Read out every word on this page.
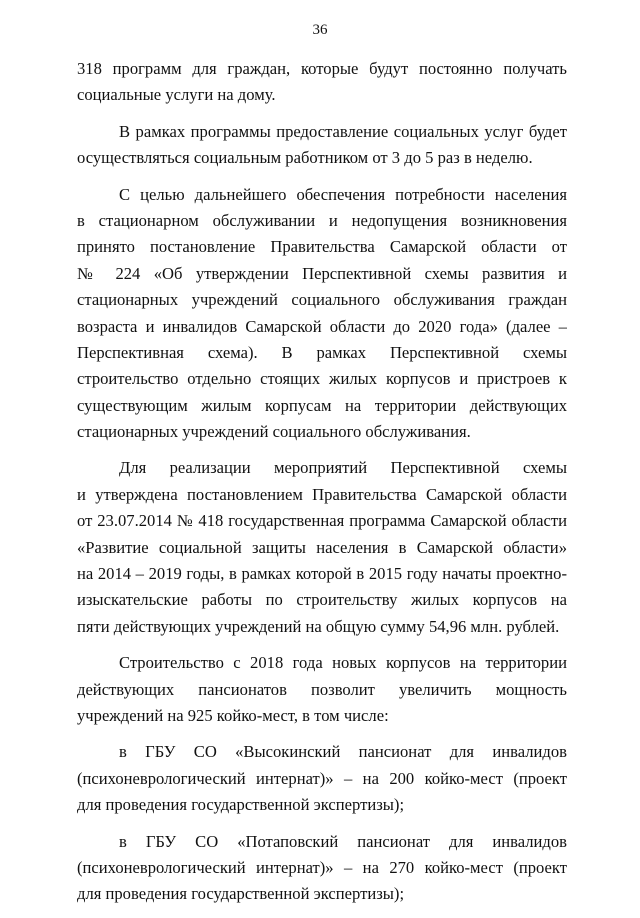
36
318 программ для граждан, которые будут постоянно получать
социальные услуги на дому.
В рамках программы предоставление социальных услуг будет
осуществляться социальным работником от 3 до 5 раз в неделю.
С целью дальнейшего обеспечения потребности населения
в стационарном обслуживании и недопущения возникновения
принято постановление Правительства Самарской области от
№ 224 «Об утверждении Перспективной схемы развития и
стационарных учреждений социального обслуживания граждан
возраста и инвалидов Самарской области до 2020 года» (далее –
Перспективная схема). В рамках Перспективной схемы
строительство отдельно стоящих жилых корпусов и пристроев к
существующим жилым корпусам на территории действующих
стационарных учреждений социального обслуживания.
Для реализации мероприятий Перспективной схемы
и утверждена постановлением Правительства Самарской области
от 23.07.2014 № 418 государственная программа Самарской области
«Развитие социальной защиты населения в Самарской области»
на 2014 – 2019 годы, в рамках которой в 2015 году начаты проектно-
изыскательские работы по строительству жилых корпусов на
пяти действующих учреждений на общую сумму 54,96 млн. рублей.
Строительство с 2018 года новых корпусов на территории
действующих пансионатов позволит увеличить мощность
учреждений на 925 койко-мест, в том числе:
в ГБУ СО «Высокинский пансионат для инвалидов
(психоневрологический интернат)» – на 200 койко-мест (проект
для проведения государственной экспертизы);
в ГБУ СО «Потаповский пансионат для инвалидов
(психоневрологический интернат)» – на 270 койко-мест (проект
для проведения государственной экспертизы);
